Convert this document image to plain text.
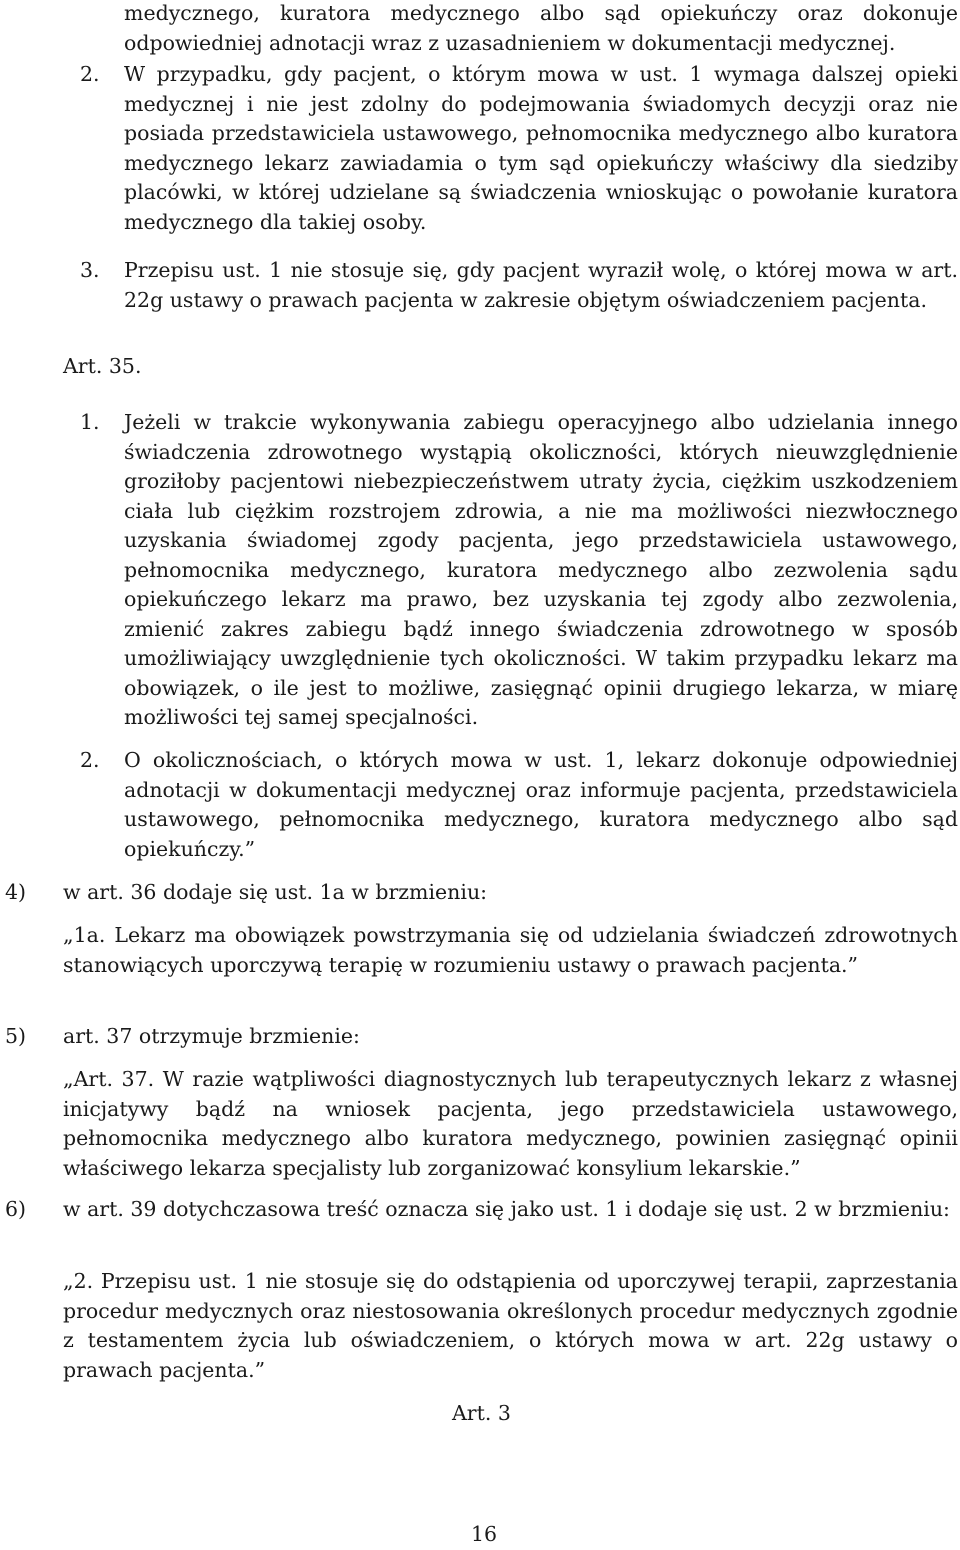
medycznego, kuratora medycznego albo sąd opiekuńczy oraz dokonuje odpowiedniej adnotacji wraz z uzasadnieniem w dokumentacji medycznej.

2. W przypadku, gdy pacjent, o którym mowa w ust. 1 wymaga dalszej opieki medycznej i nie jest zdolny do podejmowania świadomych decyzji oraz nie posiada przedstawiciela ustawowego, pełnomocnika medycznego albo kuratora medycznego lekarz zawiadamia o tym sąd opiekuńczy właściwy dla siedziby placówki, w której udzielane są świadczenia wnioskując o powołanie kuratora medycznego dla takiej osoby.

3. Przepisu ust. 1 nie stosuje się, gdy pacjent wyraził wolę, o której mowa w art. 22g ustawy o prawach pacjenta w zakresie objętym oświadczeniem pacjenta.

Art. 35.
1. Jeżeli w trakcie wykonywania zabiegu operacyjnego albo udzielania innego świadczenia zdrowotnego wystąpią okoliczności, których nieuwzględnienie groziłoby pacjentowi niebezpieczeństwem utraty życia, ciężkim uszkodzeniem ciała lub ciężkim rozstrojem zdrowia, a nie ma możliwości niezwłocznego uzyskania świadomej zgody pacjenta, jego przedstawiciela ustawowego, pełnomocnika medycznego, kuratora medycznego albo zezwolenia sądu opiekuńczego lekarz ma prawo, bez uzyskania tej zgody albo zezwolenia, zmienić zakres zabiegu bądź innego świadczenia zdrowotnego w sposób umożliwiający uwzględnienie tych okoliczności. W takim przypadku lekarz ma obowiązek, o ile jest to możliwe, zasięgnąć opinii drugiego lekarza, w miarę możliwości tej samej specjalności.

2. O okolicznościach, o których mowa w ust. 1, lekarz dokonuje odpowiedniej adnotacji w dokumentacji medycznej oraz informuje pacjenta, przedstawiciela ustawowego, pełnomocnika medycznego, kuratora medycznego albo sąd opiekuńczy.”

4) w art. 36 dodaje się ust. 1a w brzmieniu:

„1a. Lekarz ma obowiązek powstrzymania się od udzielania świadczeń zdrowotnych stanowiących uporczywą terapię w rozumieniu ustawy o prawach pacjenta.”

5) art. 37 otrzymuje brzmienie:

„Art. 37. W razie wątpliwości diagnostycznych lub terapeutycznych lekarz z własnej inicjatywy bądź na wniosek pacjenta, jego przedstawiciela ustawowego, pełnomocnika medycznego albo kuratora medycznego, powinien zasięgnąć opinii właściwego lekarza specjalisty lub zorganizować konsylium lekarskie.”

6)	w art. 39 dotychczasowa treść oznacza się jako ust. 1 i dodaje się ust. 2 w brzmieniu:

„2. Przepisu ust. 1 nie stosuje się do odstąpienia od uporczywej terapii, zaprzestania procedur medycznych oraz niestosowania określonych procedur medycznych zgodnie z testamentem życia lub oświadczeniem, o których mowa w art. 22g ustawy o prawach pacjenta.”

Art. 3
16
